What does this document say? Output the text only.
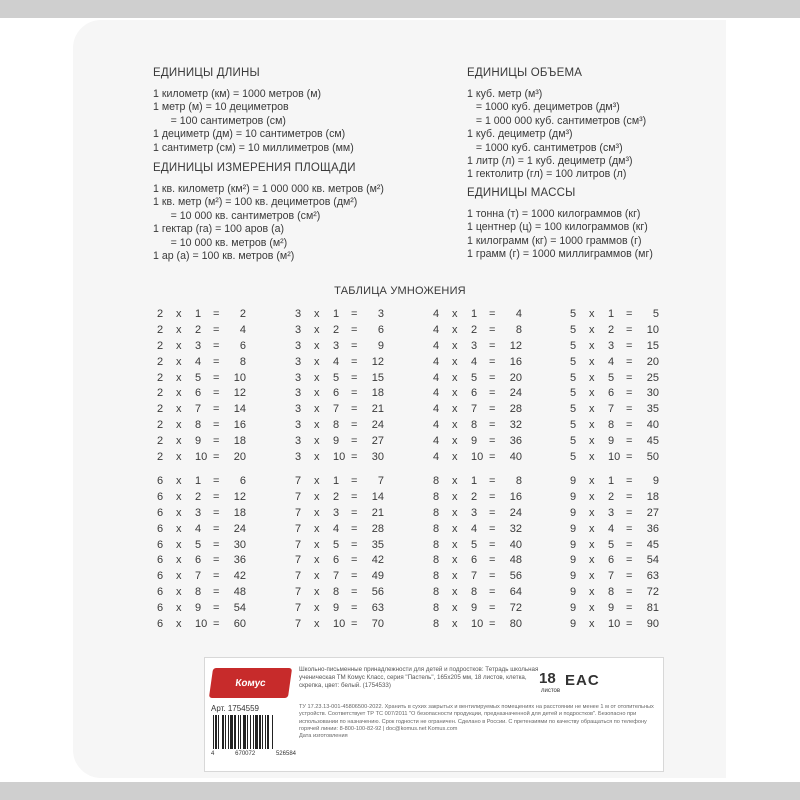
ЕДИНИЦЫ ДЛИНЫ
1 километр (км) = 1000 метров (м)
1 метр (м) = 10 дециметров
= 100 сантиметров (см)
1 дециметр (дм) = 10 сантиметров (см)
1 сантиметр (см) = 10 миллиметров (мм)
ЕДИНИЦЫ ИЗМЕРЕНИЯ ПЛОЩАДИ
1 кв. километр (км²) = 1 000 000 кв. метров (м²)
1 кв. метр (м²) = 100 кв. дециметров (дм²)
= 10 000 кв. сантиметров (см²)
1 гектар (га) = 100 аров (а)
= 10 000 кв. метров (м²)
1 ар (а) = 100 кв. метров (м²)
ЕДИНИЦЫ ОБЪЕМА
1 куб. метр (м³)
= 1000 куб. дециметров (дм³)
= 1 000 000 куб. сантиметров (см³)
1 куб. дециметр (дм³)
= 1000 куб. сантиметров (см³)
1 литр (л) = 1 куб. дециметр (дм³)
1 гектолитр (гл) = 100 литров (л)
ЕДИНИЦЫ МАССЫ
1 тонна (т) = 1000 килограммов (кг)
1 центнер (ц) = 100 килограммов (кг)
1 килограмм (кг) = 1000 граммов (г)
1 грамм (г) = 1000 миллиграммов (мг)
ТАБЛИЦА УМНОЖЕНИЯ
2 x 1 = 2
2 x 2 = 4
2 x 3 = 6
2 x 4 = 8
2 x 5 = 10
2 x 6 = 12
2 x 7 = 14
2 x 8 = 16
2 x 9 = 18
2 x 10 = 20
3 x 1 = 3
3 x 2 = 6
3 x 3 = 9
3 x 4 = 12
3 x 5 = 15
3 x 6 = 18
3 x 7 = 21
3 x 8 = 24
3 x 9 = 27
3 x 10 = 30
4 x 1 = 4
4 x 2 = 8
4 x 3 = 12
4 x 4 = 16
4 x 5 = 20
4 x 6 = 24
4 x 7 = 28
4 x 8 = 32
4 x 9 = 36
4 x 10 = 40
5 x 1 = 5
5 x 2 = 10
5 x 3 = 15
5 x 4 = 20
5 x 5 = 25
5 x 6 = 30
5 x 7 = 35
5 x 8 = 40
5 x 9 = 45
5 x 10 = 50
6 x 1 = 6
6 x 2 = 12
6 x 3 = 18
6 x 4 = 24
6 x 5 = 30
6 x 6 = 36
6 x 7 = 42
6 x 8 = 48
6 x 9 = 54
6 x 10 = 60
7 x 1 = 7
7 x 2 = 14
7 x 3 = 21
7 x 4 = 28
7 x 5 = 35
7 x 6 = 42
7 x 7 = 49
7 x 8 = 56
7 x 9 = 63
7 x 10 = 70
8 x 1 = 8
8 x 2 = 16
8 x 3 = 24
8 x 4 = 32
8 x 5 = 40
8 x 6 = 48
8 x 7 = 56
8 x 8 = 64
8 x 9 = 72
8 x 10 = 80
9 x 1 = 9
9 x 2 = 18
9 x 3 = 27
9 x 4 = 36
9 x 5 = 45
9 x 6 = 54
9 x 7 = 63
9 x 8 = 72
9 x 9 = 81
9 x 10 = 90
Комус
Арт. 1754559
4	670072	526584
Школьно-письменные принадлежности для детей и подростков: Тетрадь школьная ученическая ТМ Комус Класс, серия "Пастель", 165х205 мм, 18 листов, клетка, скрепка, цвет: белый. (1754533)	18
листов
EAC
ТУ 17.23.13-001-45806500-2022. Хранить в сухих закрытых и вентилируемых помещениях на расстоянии не менее 1 м от отопительных устройств. Соответствует ТР ТС 007/2011 "О безопасности продукции, предназначенной для детей и подростков". Безопасно при использовании по назначению. Срок годности не ограничен. Сделано в России. С претензиями по качеству обращаться по телефону горячей линии: 8-800-100-82-92 | doc@komus.net Komus.com
Дата изготовления
